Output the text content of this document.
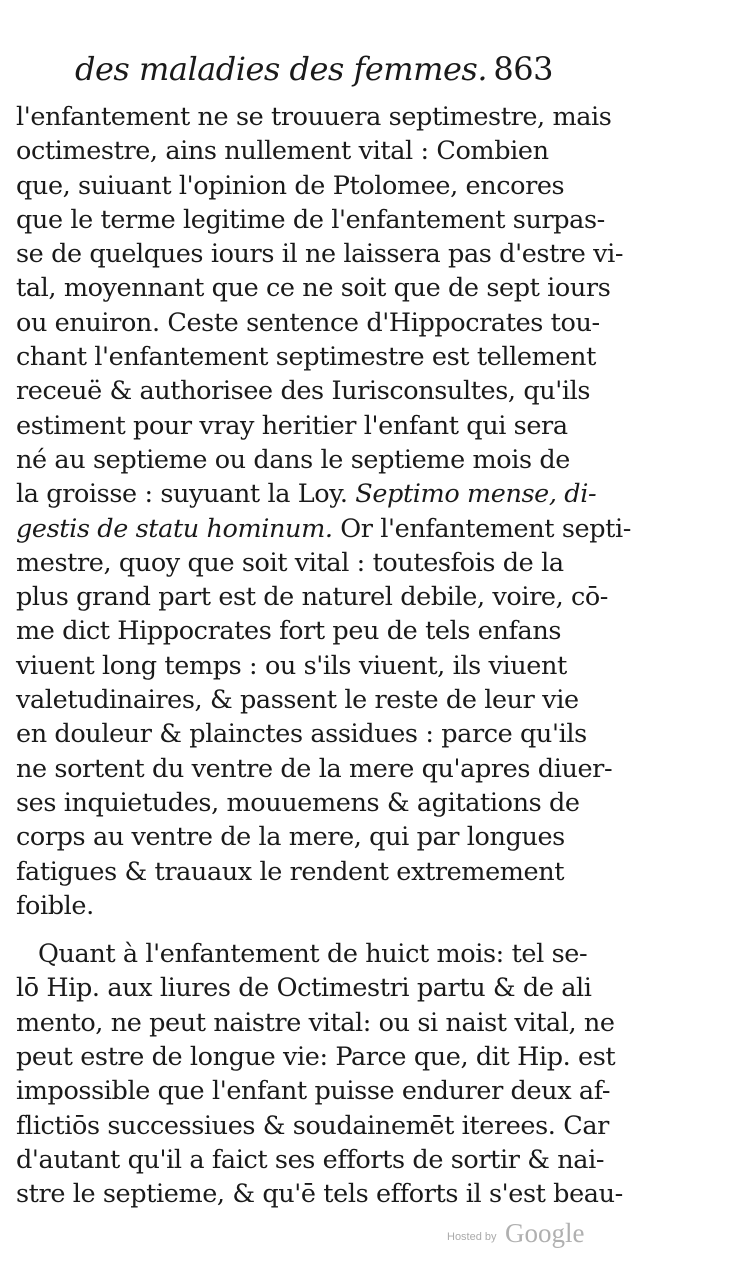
des maladies des femmes. 863
l'enfantement ne se trouuera septimestre, mais
octimestre, ains nullement vital : Combien
que, suiuant l'opinion de Ptolomee, encores
que le terme legitime de l'enfantement surpas-
se de quelques iours il ne laissera pas d'estre vi-
tal, moyennant que ce ne soit que de sept iours
ou enuiron. Ceste sentence d'Hippocrates tou-
chant l'enfantement septimestre est tellement
receuë & authorisee des Iurisconsultes, qu'ils
estiment pour vray heritier l'enfant qui sera
né au septieme ou dans le septieme mois de
la groisse : suyuant la Loy. Septimo mense, di-
gestis de statu hominum. Or l'enfantement septi-
mestre, quoy que soit vital : toutesfois de la
plus grand part est de naturel debile, voire, cō-
me dict Hippocrates fort peu de tels enfans
viuent long temps : ou s'ils viuent, ils viuent
valetudinaires, & passent le reste de leur vie
en douleur & plainctes assidues : parce qu'ils
ne sortent du ventre de la mere qu'apres diuer-
ses inquietudes, mouuemens & agitations de
corps au ventre de la mere, qui par longues
fatigues & trauaux le rendent extremement
foible.
Quant à l'enfantement de huict mois: tel se-
lō Hip. aux liures de Octimestri partu & de ali
mento, ne peut naistre vital: ou si naist vital, ne
peut estre de longue vie: Parce que, dit Hip. est
impossible que l'enfant puisse endurer deux af-
flictiōs successiues & soudainemēt iterees. Car
d'autant qu'il a faict ses efforts de sortir & nai-
stre le septieme, & qu'ē tels efforts il s'est beau-
Hosted by Google
